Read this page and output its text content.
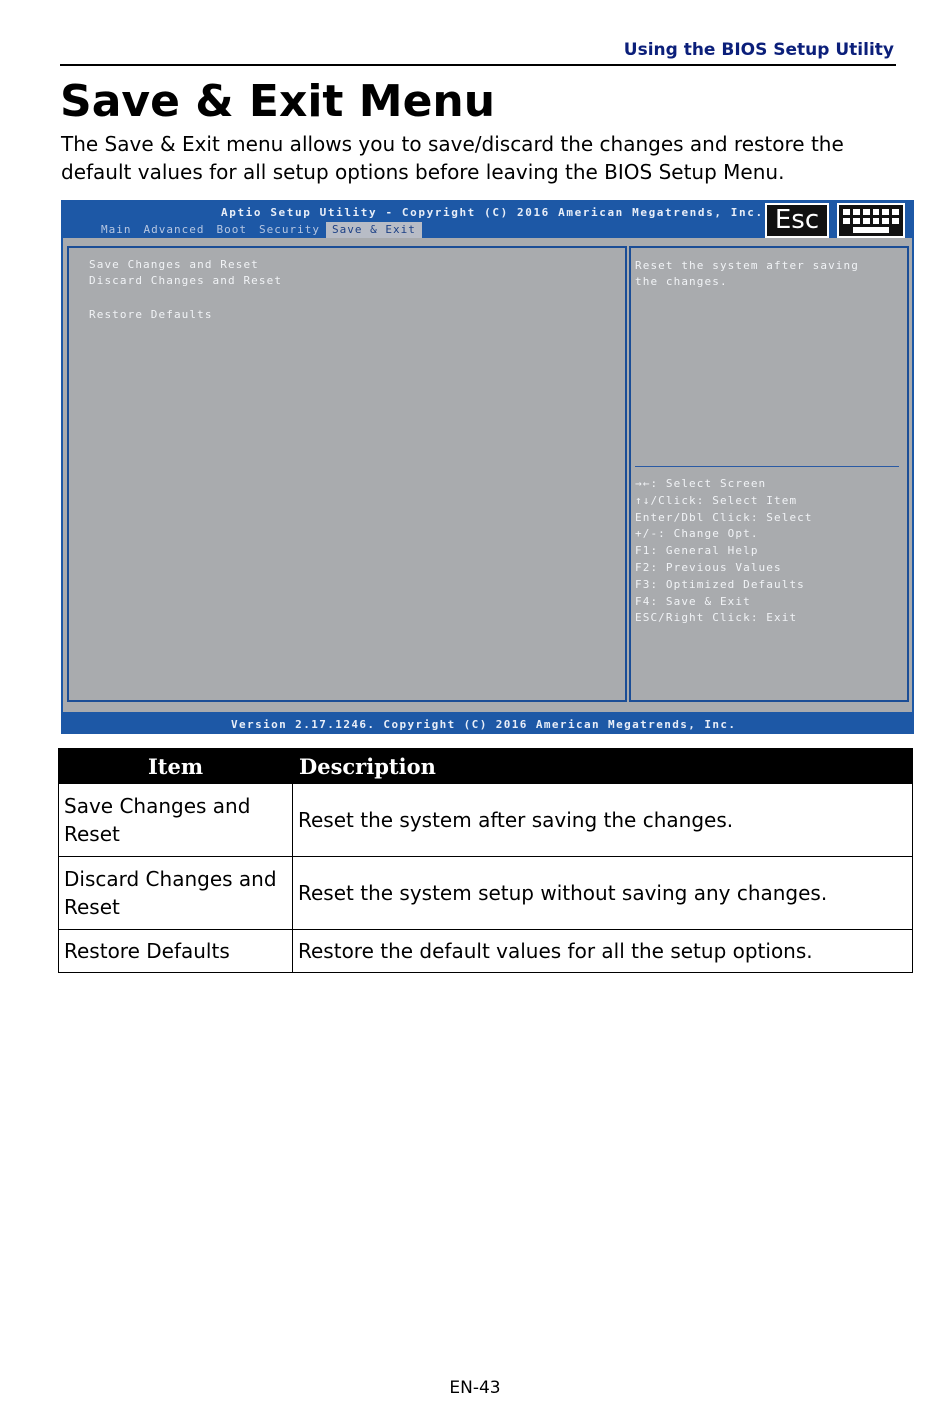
Using the BIOS Setup Utility
Save & Exit Menu

The Save & Exit menu allows you to save/discard the changes and restore the default values for all setup options before leaving the BIOS Setup Menu.

Aptio Setup Utility - Copyright (C) 2016 American Megatrends, Inc.
Main	Advanced	Boot	Security	Save & Exit	Esc
Save Changes and Reset
Discard Changes and Reset
Restore Defaults
Reset the system after saving
the changes.
→←: Select Screen
↑↓/Click: Select Item
Enter/Dbl Click: Select
+/-: Change Opt.
F1: General Help
F2: Previous Values
F3: Optimized Defaults
F4: Save & Exit
ESC/Right Click: Exit
Version 2.17.1246. Copyright (C) 2016 American Megatrends, Inc.
Item	Description
Save Changes and Reset	Reset the system after saving the changes.
Discard Changes and Reset	Reset the system setup without saving any changes.
Restore Defaults	Restore the default values for all the setup options.
EN-43
